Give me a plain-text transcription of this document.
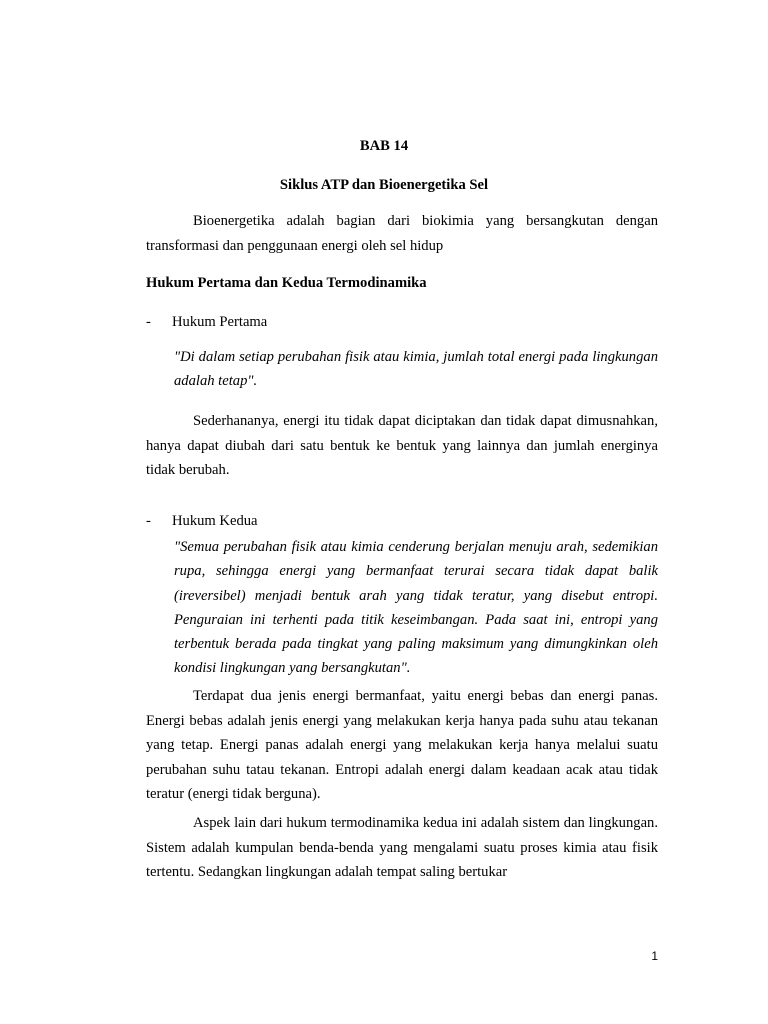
BAB 14
Siklus ATP dan Bioenergetika Sel
Bioenergetika adalah bagian dari biokimia yang bersangkutan dengan transformasi dan penggunaan energi oleh sel hidup
Hukum Pertama dan Kedua Termodinamika
- Hukum Pertama
"Di dalam setiap perubahan fisik atau kimia, jumlah total energi pada lingkungan adalah tetap".
Sederhananya, energi itu tidak dapat diciptakan dan tidak dapat dimusnahkan, hanya dapat diubah dari satu bentuk ke bentuk yang lainnya dan jumlah energinya tidak berubah.
- Hukum Kedua
"Semua perubahan fisik atau kimia cenderung berjalan menuju arah, sedemikian rupa, sehingga energi yang bermanfaat terurai secara tidak dapat balik (ireversibel) menjadi bentuk arah yang tidak teratur, yang disebut entropi. Penguraian ini terhenti pada titik keseimbangan. Pada saat ini, entropi yang terbentuk berada pada tingkat yang paling maksimum yang dimungkinkan oleh kondisi lingkungan yang bersangkutan".
Terdapat dua jenis energi bermanfaat, yaitu energi bebas dan energi panas. Energi bebas adalah jenis energi yang melakukan kerja hanya pada suhu atau tekanan yang tetap. Energi panas adalah energi yang melakukan kerja hanya melalui suatu perubahan suhu tatau tekanan. Entropi adalah energi dalam keadaan acak atau tidak teratur (energi tidak berguna).
Aspek lain dari hukum termodinamika kedua ini adalah sistem dan lingkungan. Sistem adalah kumpulan benda-benda yang mengalami suatu proses kimia atau fisik tertentu. Sedangkan lingkungan adalah tempat saling bertukar
1
